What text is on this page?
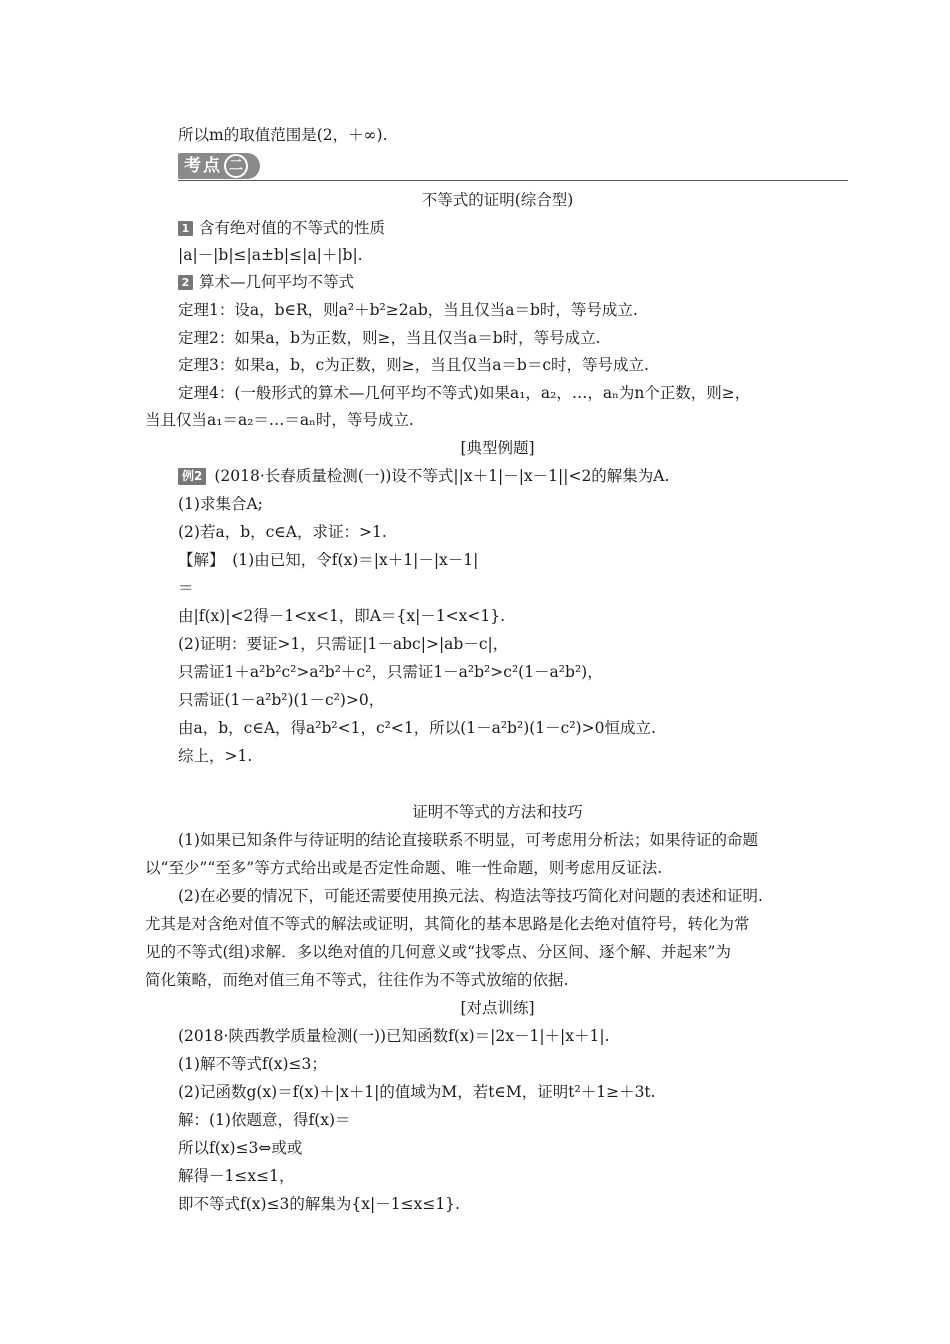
所以m的取值范围是(2，＋∞).
考点 二
不等式的证明(综合型)
1 含有绝对值的不等式的性质
|a|－|b|≤|a±b|≤|a|＋|b|.
2 算术—几何平均不等式
定理1：设a，b∈R，则a²＋b²≥2ab，当且仅当a＝b时，等号成立.
定理2：如果a，b为正数，则≥，当且仅当a＝b时，等号成立.
定理3：如果a，b，c为正数，则≥，当且仅当a＝b＝c时，等号成立.
定理4：(一般形式的算术—几何平均不等式)如果a₁，a₂，…，aₙ为n个正数，则≥，
当且仅当a₁＝a₂＝…＝aₙ时，等号成立.
[典型例题]
例2 (2018·长春质量检测(一))设不等式||x＋1|－|x－1||<2的解集为A.
(1)求集合A;
(2)若a，b，c∈A，求证：>1.
【解】　(1)由已知，令f(x)＝|x＋1|－|x－1|
＝
由|f(x)|<2得－1<x<1，即A＝{x|－1<x<1}.
(2)证明：要证>1，只需证|1－abc|>|ab－c|，
只需证1＋a²b²c²>a²b²＋c²，只需证1－a²b²>c²(1－a²b²)，
只需证(1－a²b²)(1－c²)>0，
由a，b，c∈A，得a²b²<1，c²<1，所以(1－a²b²)(1－c²)>0恒成立.
综上，>1.
证明不等式的方法和技巧
(1)如果已知条件与待证明的结论直接联系不明显，可考虑用分析法；如果待证的命题
以“至少”“至多”等方式给出或是否定性命题、唯一性命题，则考虑用反证法.
(2)在必要的情况下，可能还需要使用换元法、构造法等技巧简化对问题的表述和证明.
尤其是对含绝对值不等式的解法或证明，其简化的基本思路是化去绝对值符号，转化为常
见的不等式(组)求解．多以绝对值的几何意义或“找零点、分区间、逐个解、并起来”为
简化策略，而绝对值三角不等式，往往作为不等式放缩的依据.
[对点训练]
(2018·陕西教学质量检测(一))已知函数f(x)＝|2x－1|＋|x＋1|.
(1)解不等式f(x)≤3；
(2)记函数g(x)＝f(x)＋|x＋1|的值域为M，若t∈M，证明t²＋1≥＋3t.
解：(1)依题意，得f(x)＝
所以f(x)≤3⇔或或
解得－1≤x≤1，
即不等式f(x)≤3的解集为{x|－1≤x≤1}.
